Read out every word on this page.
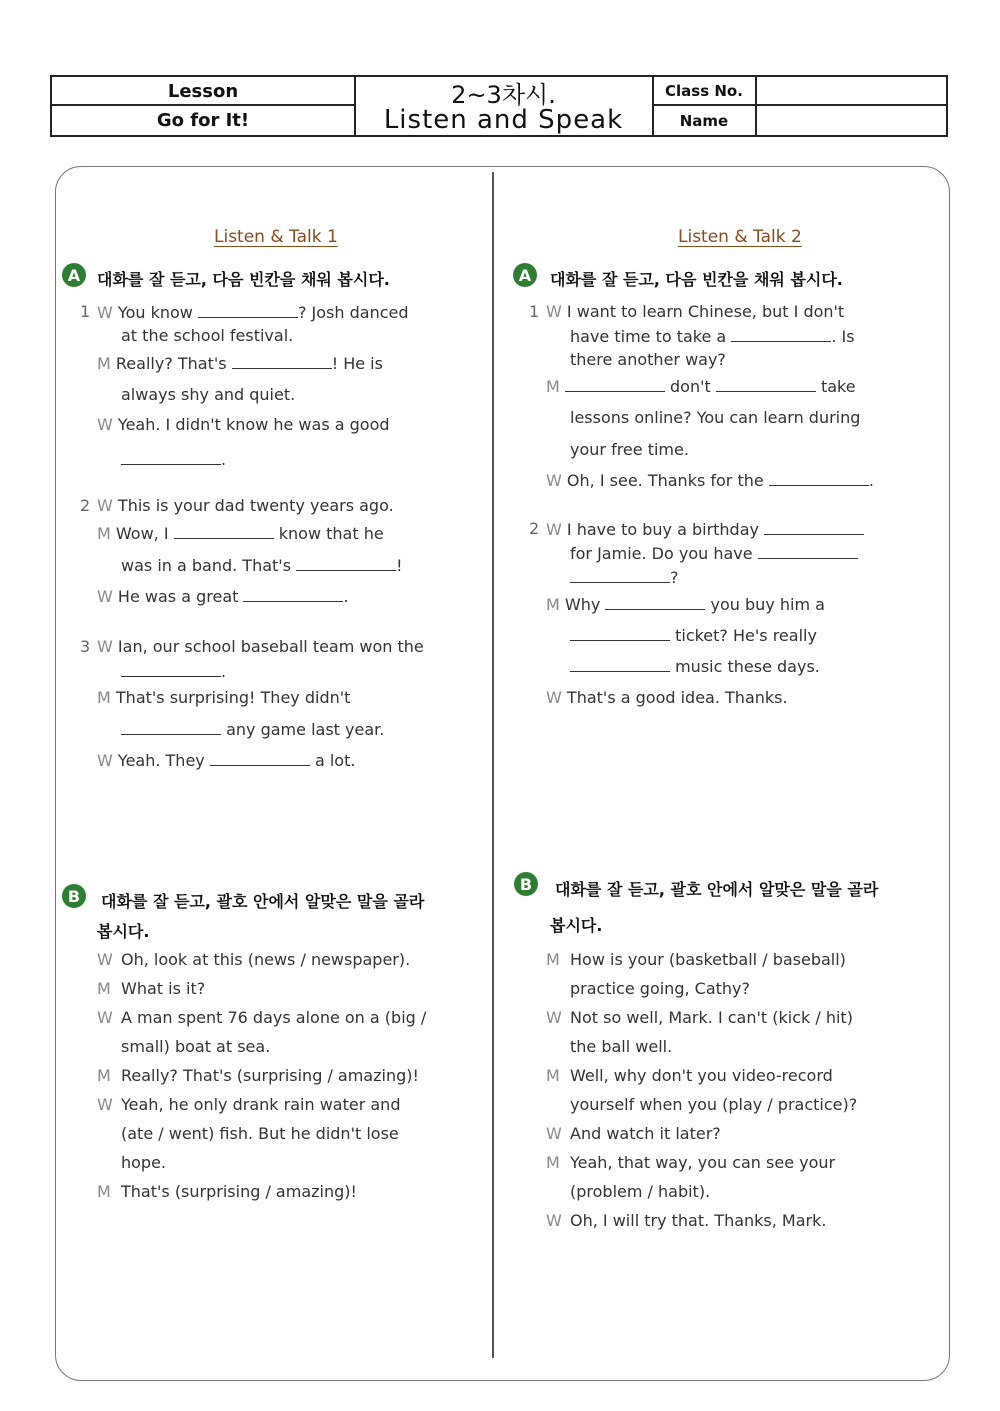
Lesson
Go for It!
2~3차시.
Listen and Speak
Class No.
Name
Listen & Talk 1
A	대화를 잘 듣고, 다음 빈칸을 채워 봅시다.
1 W You know	? Josh danced
at the school festival.
M Really? That's	! He is
always shy and quiet.
W Yeah. I didn't know he was a good
.
2 W This is your dad twenty years ago.
M Wow, I	know that he
was in a band. That's	!
W He was a great	.
3 W Ian, our school baseball team won the
.
M That's surprising! They didn't
any game last year.
W Yeah. They	a lot.
B	대화를 잘 듣고, 괄호 안에서 알맞은 말을 골라
봅시다.
W Oh, look at this (news / newspaper).
M What is it?
W A man spent 76 days alone on a (big /
small) boat at sea.
M Really? That's (surprising / amazing)!
W Yeah, he only drank rain water and
(ate / went) fish. But he didn't lose
hope.
M That's (surprising / amazing)!
Listen & Talk 2
A	대화를 잘 듣고, 다음 빈칸을 채워 봅시다.
1 W I want to learn Chinese, but I don't
have time to take a	. Is
there another way?
M	don't	take
lessons online? You can learn during
your free time.
W Oh, I see. Thanks for the	.
2 W I have to buy a birthday
for Jamie. Do you have
?
M Why	you buy him a
ticket? He's really
music these days.
W That's a good idea. Thanks.
B	대화를 잘 듣고, 괄호 안에서 알맞은 말을 골라
봅시다.
M How is your (basketball / baseball)
practice going, Cathy?
W Not so well, Mark. I can't (kick / hit)
the ball well.
M Well, why don't you video-record
yourself when you (play / practice)?
W And watch it later?
M Yeah, that way, you can see your
(problem / habit).
W Oh, I will try that. Thanks, Mark.
